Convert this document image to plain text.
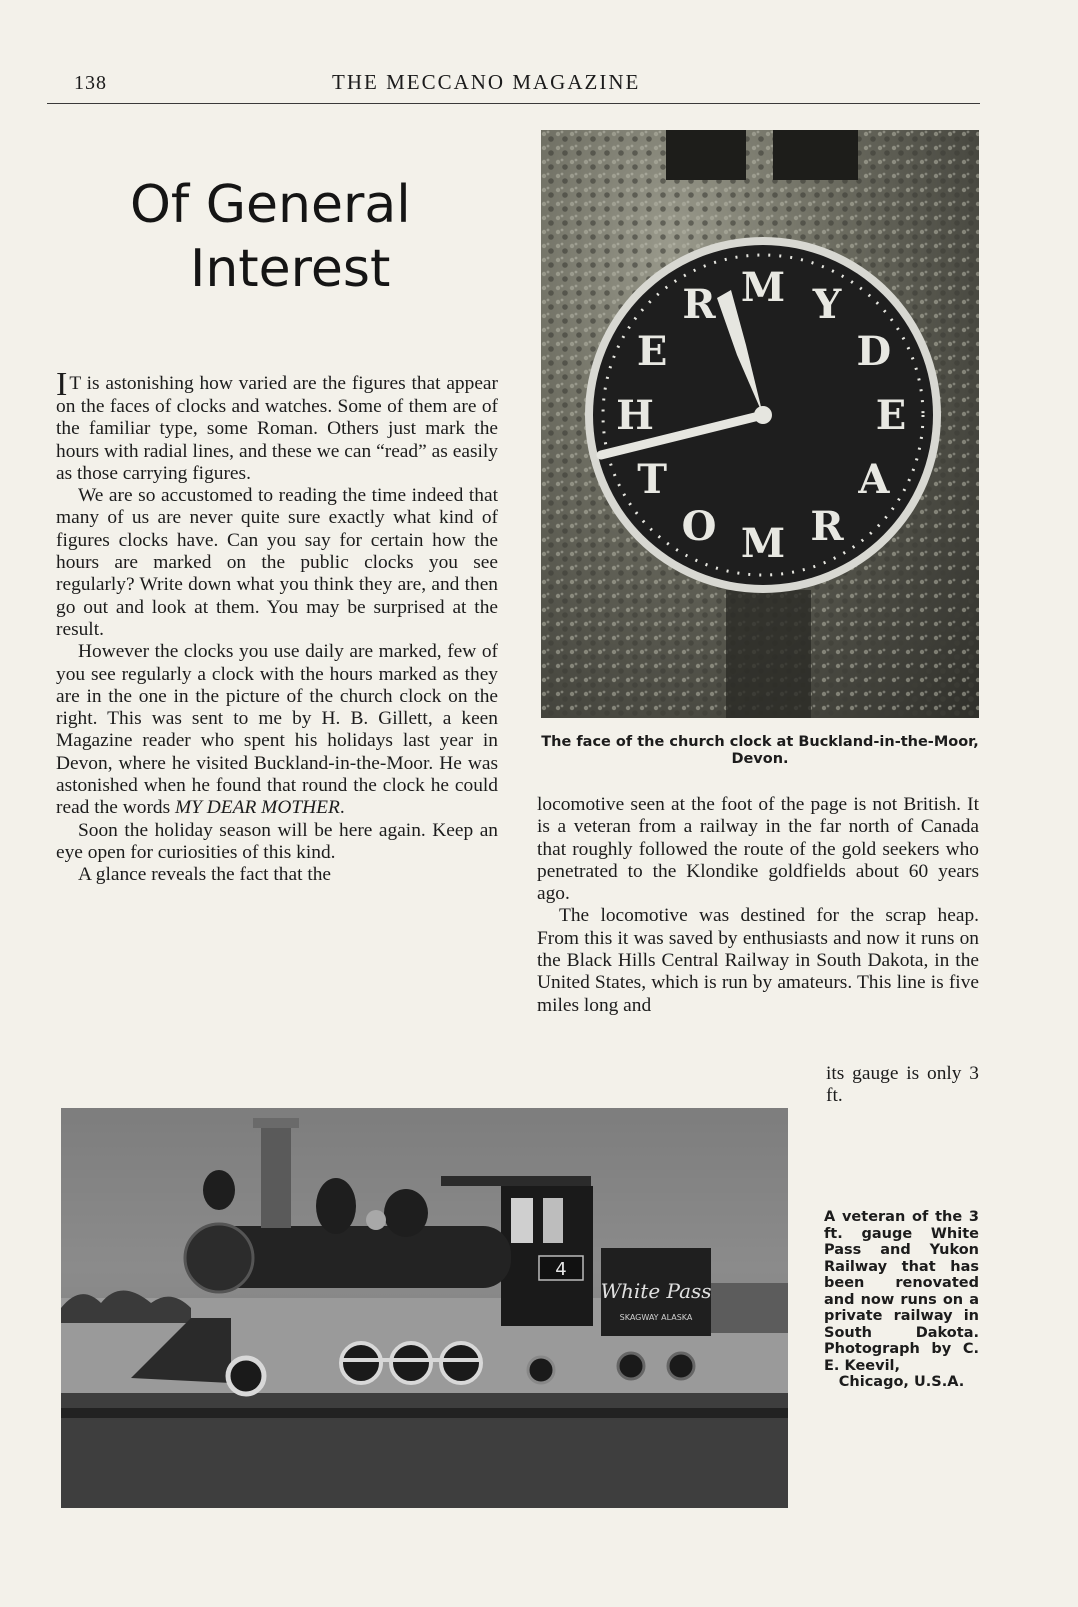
138	THE MECCANO MAGAZINE
Of General
Interest

I T is astonishing how varied are the figures that appear on the faces of clocks and watches. Some of them are of the familiar type, some Roman. Others just mark the hours with radial lines, and these we can “read” as easily as those carrying figures.

We are so accustomed to reading the time indeed that many of us are never quite sure exactly what kind of figures clocks have. Can you say for certain how the hours are marked on the public clocks you see regularly? Write down what you think they are, and then go out and look at them. You may be surprised at the result.

However the clocks you use daily are marked, few of you see regularly a clock with the hours marked as they are in the one in the picture of the church clock on the right. This was sent to me by H. B. Gillett, a keen Magazine reader who spent his holidays last year in Devon, where he visited Buckland-in-the-Moor. He was astonished when he found that round the clock he could read the words MY DEAR MOTHER.

Soon the holiday season will be here again. Keep an eye open for curiosities of this kind.

A glance reveals the fact that the

M Y
D
E
A
R
M
O
T
H
E
R
The face of the church clock at Buckland-in-the-Moor, Devon.

locomotive seen at the foot of the page is not British. It is a veteran from a railway in the far north of Canada that roughly followed the route of the gold seekers who penetrated to the Klondike goldfields about 60 years ago.

The locomotive was destined for the scrap heap. From this it was saved by enthusiasts and now it runs on the Black Hills Central Railway in South Dakota, in the United States, which is run by amateurs. This line is five miles long and

its gauge is only 3 ft.
White Pass
SKAGWAY ALASKA
4
A veteran of the 3 ft. gauge White Pass and Yukon Railway that has been renovated and now runs on a private railway in South Dakota. Photograph by C. E. Keevil,
Chicago, U.S.A.
